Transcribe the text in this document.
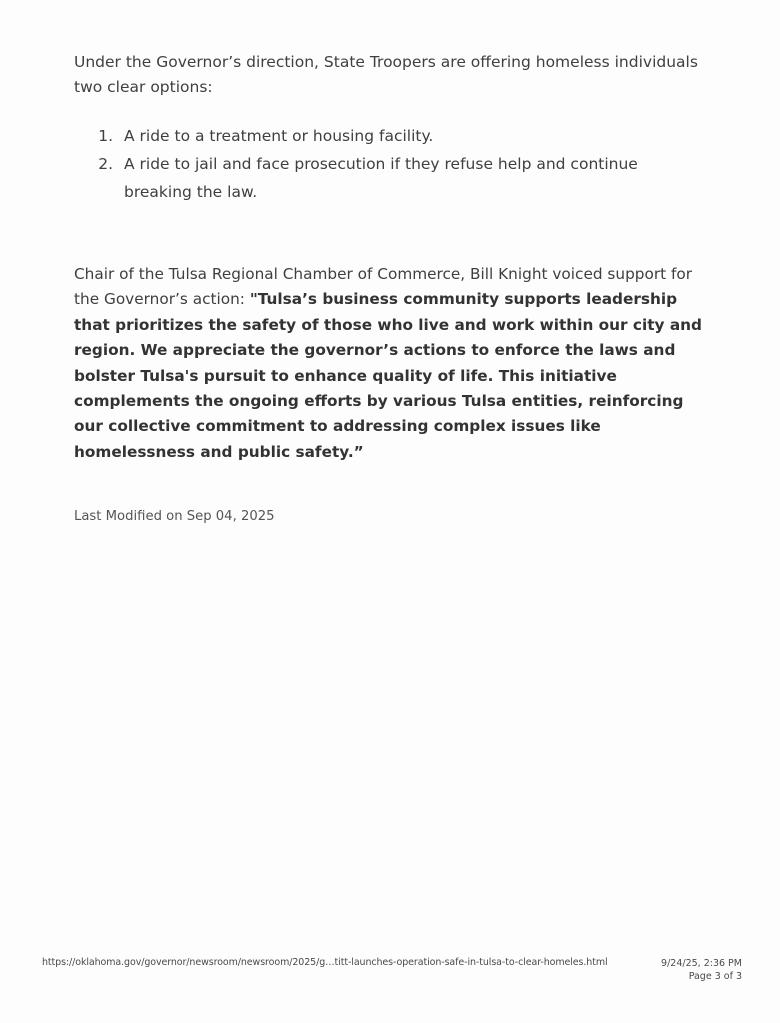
Under the Governor’s direction, State Troopers are offering homeless individuals two clear options:

1. A ride to a treatment or housing facility.
2. A ride to jail and face prosecution if they refuse help and continue breaking the law.

Chair of the Tulsa Regional Chamber of Commerce, Bill Knight voiced support for the Governor’s action: "Tulsa’s business community supports leadership that prioritizes the safety of those who live and work within our city and region. We appreciate the governor’s actions to enforce the laws and bolster Tulsa's pursuit to enhance quality of life. This initiative complements the ongoing efforts by various Tulsa entities, reinforcing our collective commitment to addressing complex issues like homelessness and public safety.”

Last Modified on Sep 04, 2025

https://oklahoma.gov/governor/newsroom/newsroom/2025/g…titt-launches-operation-safe-in-tulsa-to-clear-homeles.html	9/24/25, 2:36 PM
Page 3 of 3
